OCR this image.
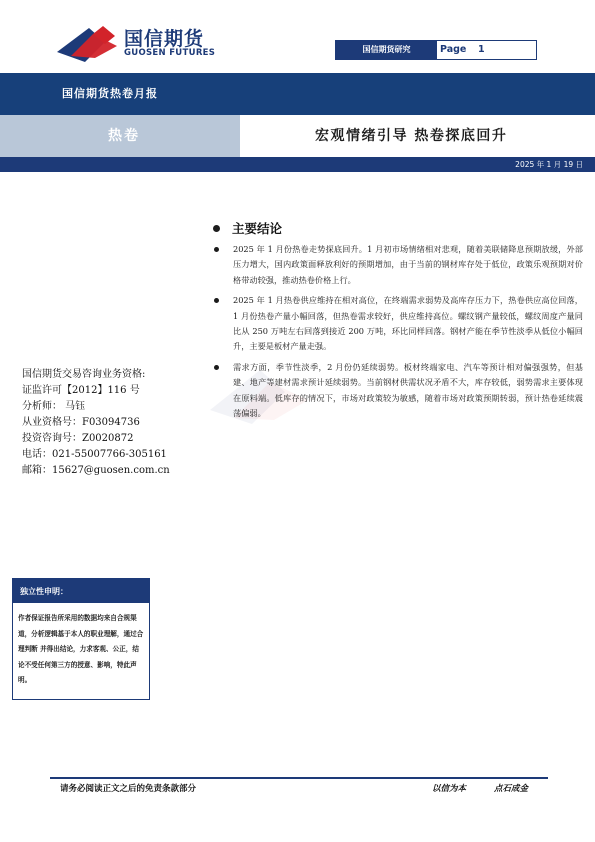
国信期货
GUOSEN FUTURES	国信期货研究	Page 1
国信期货热卷月报
热卷	宏观情绪引导 热卷探底回升
2025 年 1 月 19 日
主要结论
2025 年 1 月份热卷走势探底回升。1 月初市场情绪相对悲观，随着美联储降息预期放缓，外部压力增大，国内政策面释放利好的预期增加，由于当前的钢材库存处于低位，政策乐观预期对价格带动较强，推动热卷价格上行。
2025 年 1 月热卷供应维持在相对高位，在终端需求弱势及高库存压力下，热卷供应高位回落，1 月份热卷产量小幅回落，但热卷需求较好，供应维持高位。螺纹钢产量较低，螺纹周度产量同比从 250 万吨左右回落到接近 200 万吨，环比同样回落。钢材产能在季节性淡季从低位小幅回升，主要是板材产量走强。
需求方面，季节性淡季，2 月份仍延续弱势。板材终端家电、汽车等预计相对偏强强势，但基建、地产等建材需求预计延续弱势。当前钢材供需状况矛盾不大，库存较低，弱势需求主要体现在原料端。低库存的情况下，市场对政策较为敏感，随着市场对政策预期转弱，预计热卷延续震荡偏弱。
国信期货交易咨询业务资格:
证监许可【2012】116 号
分析师： 马钰
从业资格号：F03094736
投资咨询号：Z0020872
电话：021-55007766-305161
邮箱：15627@guosen.com.cn
独立性申明：
作者保证报告所采用的数据均来自合规渠道，分析逻辑基于本人的职业理解，通过合理判断 并得出结论，力求客观、公正，结论不受任何第三方的授意、影响，特此声明。
请务必阅读正文之后的免责条款部分	以信为本	点石成金
